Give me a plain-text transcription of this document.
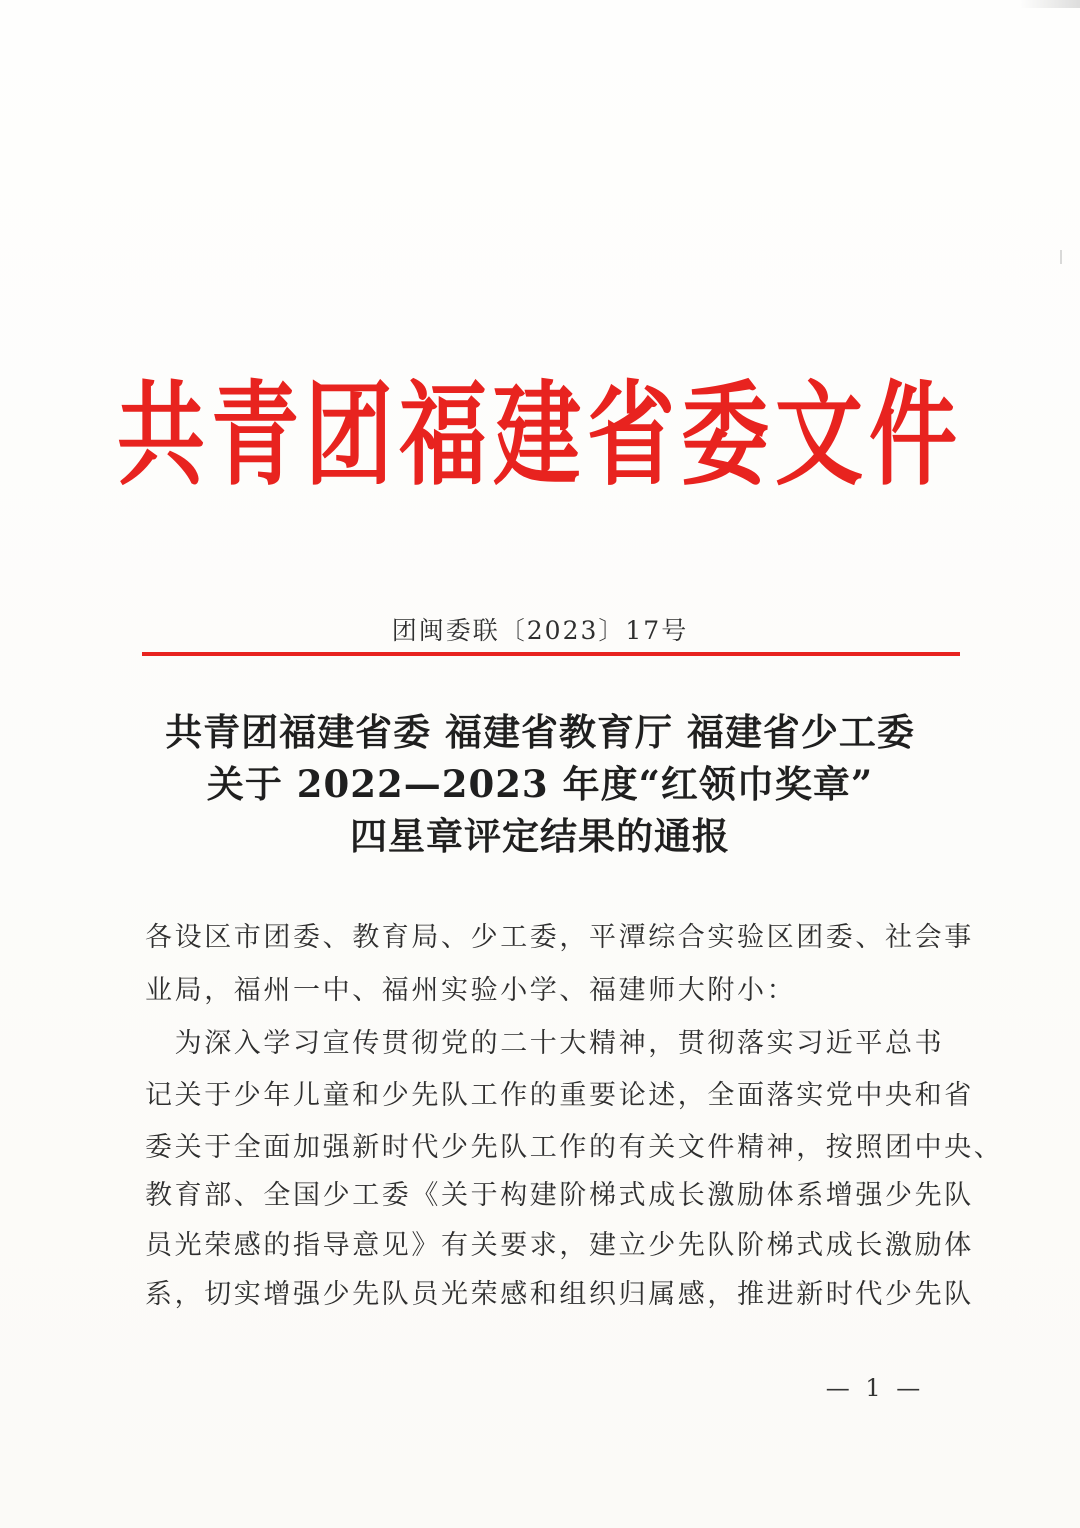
共青团福建省委文件
团闽委联〔2023〕17号
共青团福建省委 福建省教育厅 福建省少工委
关于 2022—2023 年度“红领巾奖章”
四星章评定结果的通报
各设区市团委、教育局、少工委，平潭综合实验区团委、社会事
业局，福州一中、福州实验小学、福建师大附小：
　为深入学习宣传贯彻党的二十大精神，贯彻落实习近平总书
记关于少年儿童和少先队工作的重要论述，全面落实党中央和省
委关于全面加强新时代少先队工作的有关文件精神，按照团中央、
教育部、全国少工委《关于构建阶梯式成长激励体系增强少先队
员光荣感的指导意见》有关要求，建立少先队阶梯式成长激励体
系，切实增强少先队员光荣感和组织归属感，推进新时代少先队
— 1 —
